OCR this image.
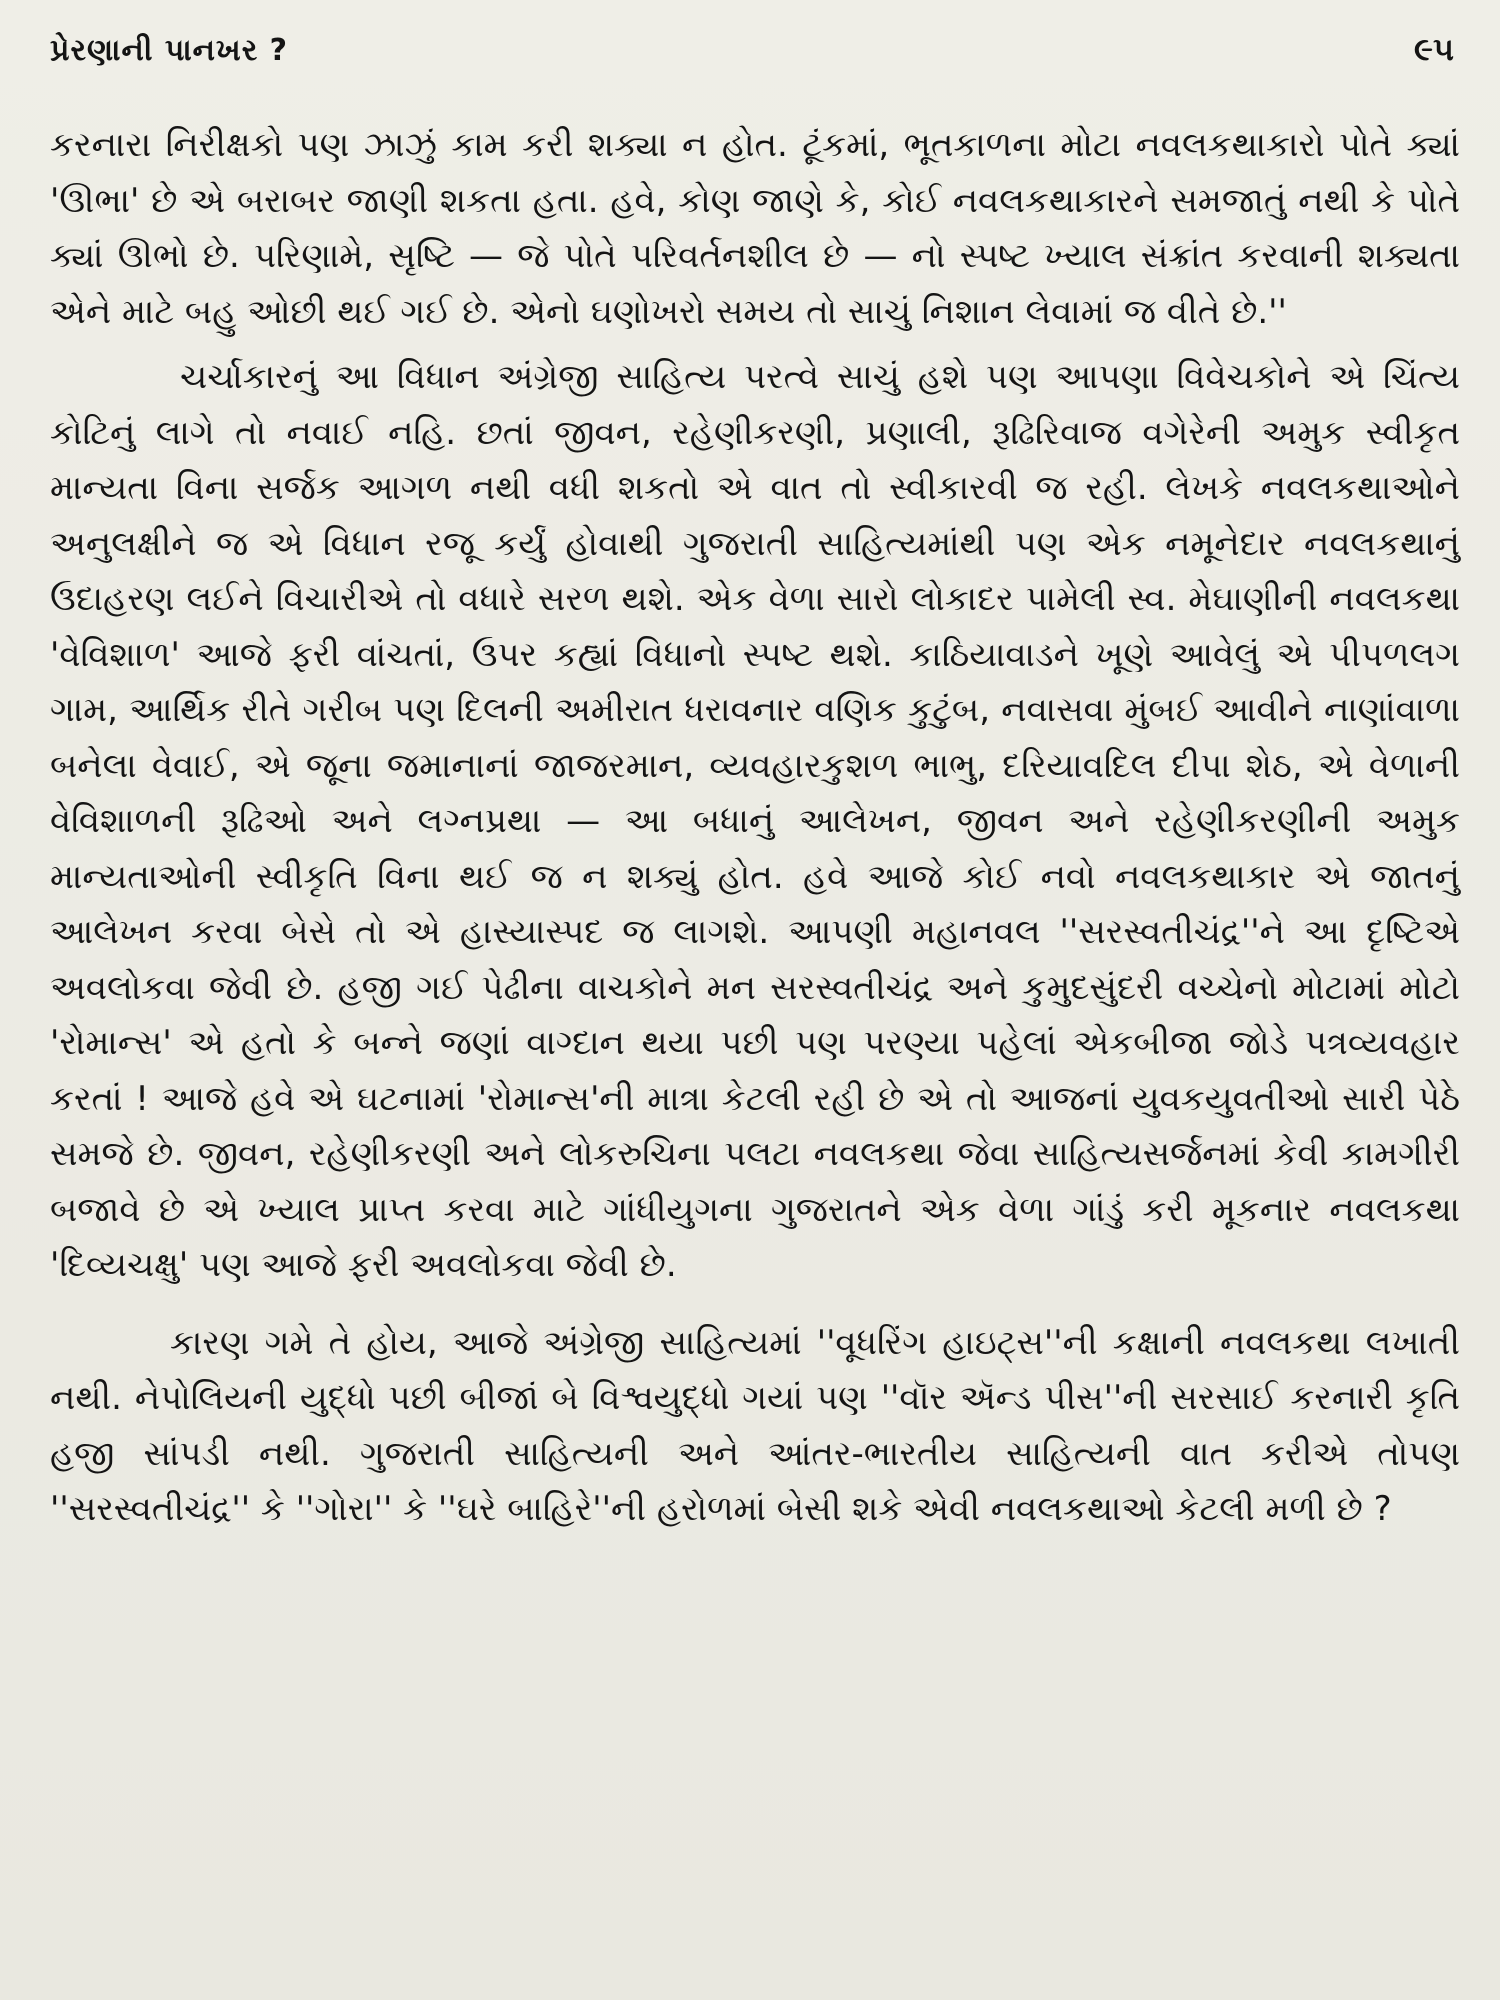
પ્રેરણાની પાનખર ?	૯૫

કરનારા નિરીક્ષકો પણ ઝાઝું કામ કરી શક્યા ન હોત. ટૂંકમાં, ભૂતકાળના મોટા નવલકથાકારો પોતે ક્યાં 'ઊભા' છે એ બરાબર જાણી શકતા હતા. હવે, કોણ જાણે કે, કોઈ નવલકથાકારને સમજાતું નથી કે પોતે ક્યાં ઊભો છે. પરિણામે, સૃષ્ટિ — જે પોતે પરિવર્તનશીલ છે — નો સ્પષ્ટ ખ્યાલ સંક્રાંત કરવાની શક્યતા એને માટે બહુ ઓછી થઈ ગઈ છે. એનો ઘણોખરો સમય તો સાચું નિશાન લેવામાં જ વીતે છે.''

ચર્ચાકારનું આ વિધાન અંગ્રેજી સાહિત્ય પરત્વે સાચું હશે પણ આપણા વિવેચકોને એ ચિંત્ય કોટિનું લાગે તો નવાઈ નહિ. છતાં જીવન, રહેણીકરણી, પ્રણાલી, રૂઢિરિવાજ વગેરેની અમુક સ્વીકૃત માન્યતા વિના સર્જક આગળ નથી વધી શકતો એ વાત તો સ્વીકારવી જ રહી. લેખકે નવલકથાઓને અનુલક્ષીને જ એ વિધાન રજૂ કર્યું હોવાથી ગુજરાતી સાહિત્યમાંથી પણ એક નમૂનેદાર નવલકથાનું ઉદાહરણ લઈને વિચારીએ તો વધારે સરળ થશે. એક વેળા સારો લોકાદર પામેલી સ્વ. મેઘાણીની નવલકથા 'વેવિશાળ' આજે ફરી વાંચતાં, ઉપર કહ્યાં વિધાનો સ્પષ્ટ થશે. કાઠિયાવાડને ખૂણે આવેલું એ પીપળલગ ગામ, આર્થિક રીતે ગરીબ પણ દિલની અમીરાત ધરાવનાર વણિક કુટુંબ, નવાસવા મુંબઈ આવીને નાણાંવાળા બનેલા વેવાઈ, એ જૂના જમાનાનાં જાજરમાન, વ્યવહારકુશળ ભાભુ, દરિયાવદિલ દીપા શેઠ, એ વેળાની વેવિશાળની રૂઢિઓ અને લગ્નપ્રથા — આ બધાનું આલેખન, જીવન અને રહેણીકરણીની અમુક માન્યતાઓની સ્વીકૃતિ વિના થઈ જ ન શક્યું હોત. હવે આજે કોઈ નવો નવલકથાકાર એ જાતનું આલેખન કરવા બેસે તો એ હાસ્યાસ્પદ જ લાગશે. આપણી મહાનવલ ''સરસ્વતીચંદ્ર''ને આ દૃષ્ટિએ અવલોકવા જેવી છે. હજી ગઈ પેઢીના વાચકોને મન સરસ્વતીચંદ્ર અને કુમુદસુંદરી વચ્ચેનો મોટામાં મોટો 'રોમાન્સ' એ હતો કે બન્ને જણાં વાગ્દાન થયા પછી પણ પરણ્યા પહેલાં એકબીજા જોડે પત્રવ્યવહાર કરતાં ! આજે હવે એ ઘટનામાં 'રોમાન્સ'ની માત્રા કેટલી રહી છે એ તો આજનાં યુવકયુવતીઓ સારી પેઠે સમજે છે. જીવન, રહેણીકરણી અને લોકરુચિના પલટા નવલકથા જેવા સાહિત્યસર્જનમાં કેવી કામગીરી બજાવે છે એ ખ્યાલ પ્રાપ્ત કરવા માટે ગાંધીયુગના ગુજરાતને એક વેળા ગાંડું કરી મૂકનાર નવલકથા 'દિવ્યચક્ષુ' પણ આજે ફરી અવલોકવા જેવી છે.

કારણ ગમે તે હોય, આજે અંગ્રેજી સાહિત્યમાં ''વૂધરિંગ હાઇટ્સ''ની કક્ષાની નવલકથા લખાતી નથી. નેપોલિયની યુદ્ધો પછી બીજાં બે વિશ્વયુદ્ધો ગયાં પણ ''વૉર ઍન્ડ પીસ''ની સરસાઈ કરનારી કૃતિ હજી સાંપડી નથી. ગુજરાતી સાહિત્યની અને આંતર-ભારતીય સાહિત્યની વાત કરીએ તોપણ ''સરસ્વતીચંદ્ર'' કે ''ગોરા'' કે ''ઘરે બાહિરે''ની હરોળમાં બેસી શકે એવી નવલકથાઓ કેટલી મળી છે ?
